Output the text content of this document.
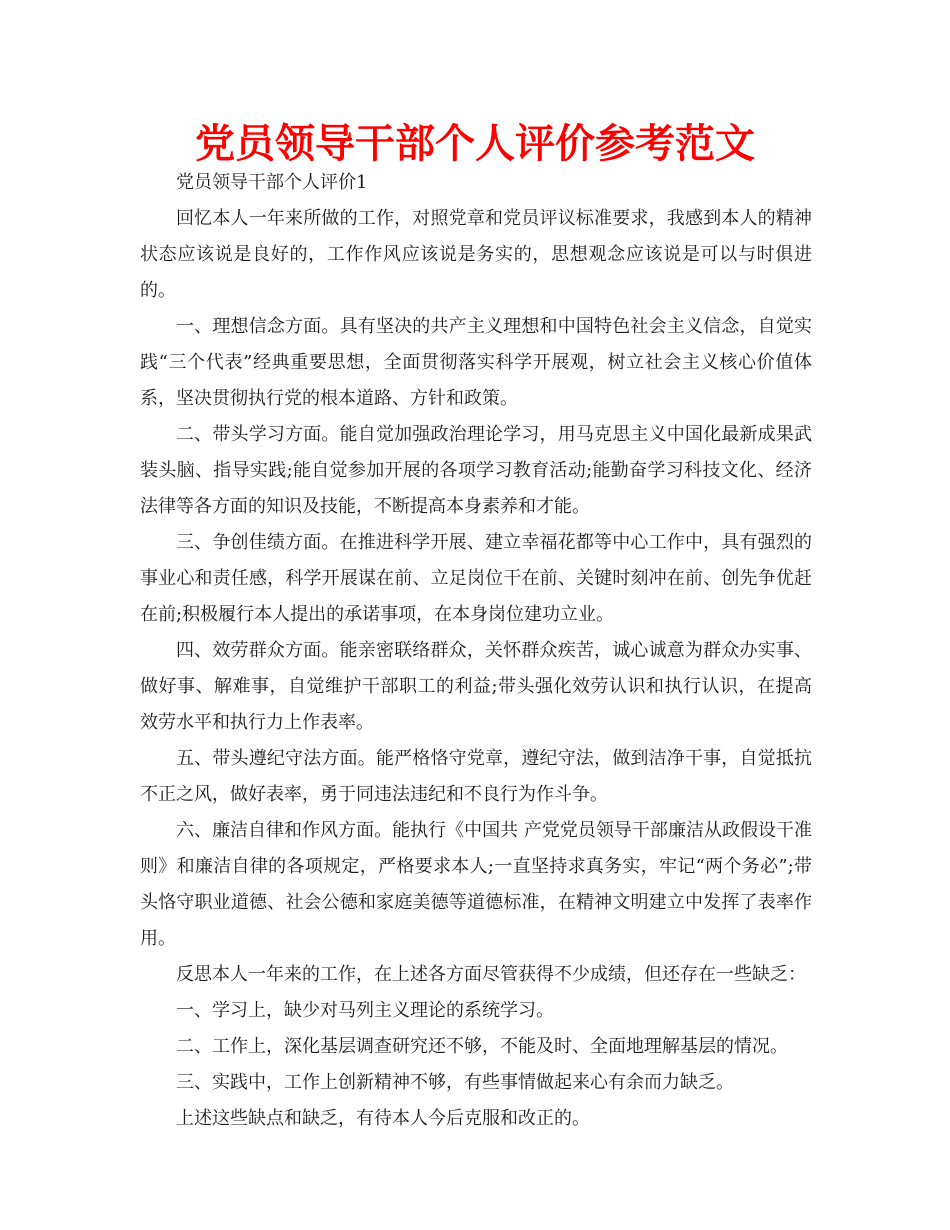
党员领导干部个人评价参考范文

党员领导干部个人评价1

回忆本人一年来所做的工作，对照党章和党员评议标准要求，我感到本人的精神状态应该说是良好的，工作作风应该说是务实的，思想观念应该说是可以与时俱进的。

一、理想信念方面。具有坚决的共产主义理想和中国特色社会主义信念，自觉实践“三个代表”经典重要思想，全面贯彻落实科学开展观，树立社会主义核心价值体系，坚决贯彻执行党的根本道路、方针和政策。

二、带头学习方面。能自觉加强政治理论学习，用马克思主义中国化最新成果武装头脑、指导实践;能自觉参加开展的各项学习教育活动;能勤奋学习科技文化、经济法律等各方面的知识及技能，不断提高本身素养和才能。

三、争创佳绩方面。在推进科学开展、建立幸福花都等中心工作中，具有强烈的事业心和责任感，科学开展谋在前、立足岗位干在前、关键时刻冲在前、创先争优赶在前;积极履行本人提出的承诺事项，在本身岗位建功立业。

四、效劳群众方面。能亲密联络群众，关怀群众疾苦，诚心诚意为群众办实事、做好事、解难事，自觉维护干部职工的利益;带头强化效劳认识和执行认识，在提高效劳水平和执行力上作表率。

五、带头遵纪守法方面。能严格恪守党章，遵纪守法，做到洁净干事，自觉抵抗不正之风，做好表率，勇于同违法违纪和不良行为作斗争。

六、廉洁自律和作风方面。能执行《中国共 产党党员领导干部廉洁从政假设干准则》和廉洁自律的各项规定，严格要求本人;一直坚持求真务实，牢记“两个务必”;带头恪守职业道德、社会公德和家庭美德等道德标准，在精神文明建立中发挥了表率作用。

反思本人一年来的工作，在上述各方面尽管获得不少成绩，但还存在一些缺乏：

一、学习上，缺少对马列主义理论的系统学习。

二、工作上，深化基层调查研究还不够，不能及时、全面地理解基层的情况。

三、实践中，工作上创新精神不够，有些事情做起来心有余而力缺乏。

上述这些缺点和缺乏，有待本人今后克服和改正的。
